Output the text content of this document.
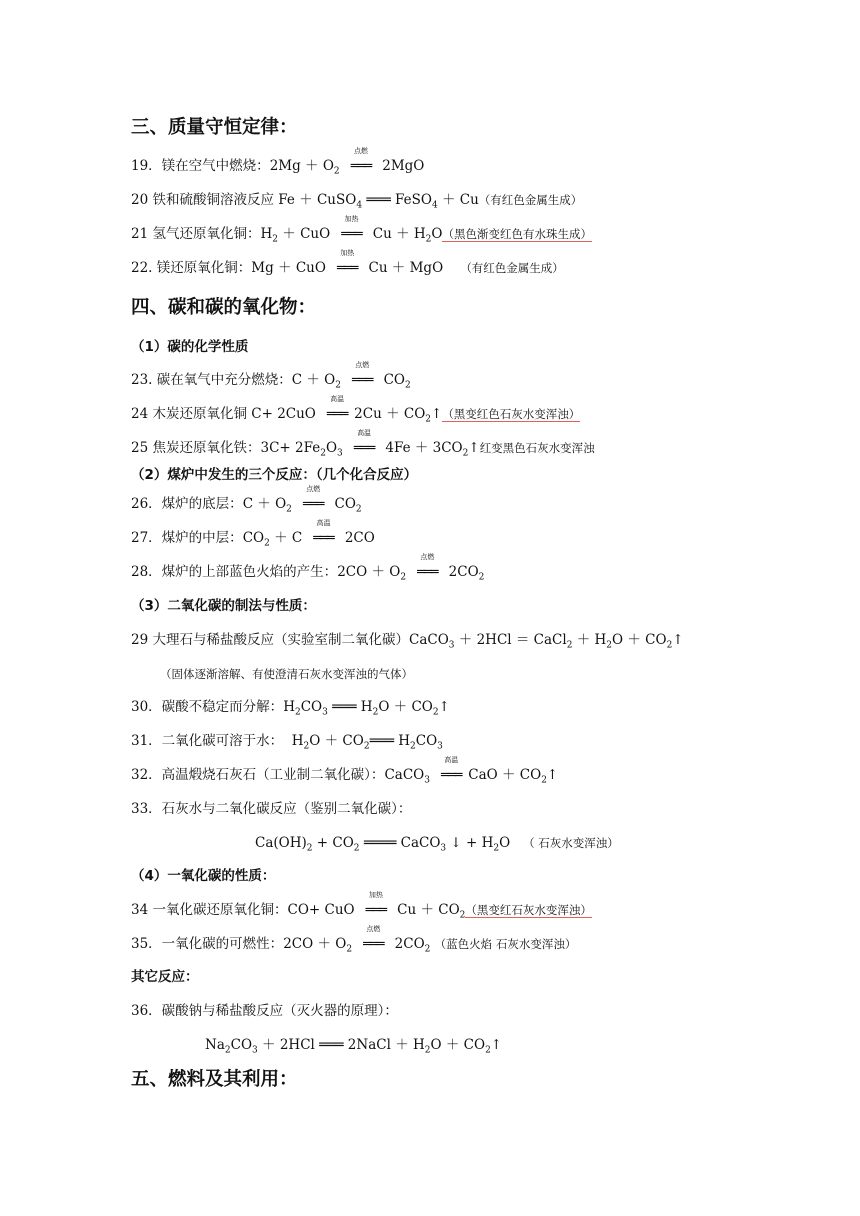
三、质量守恒定律：
19．镁在空气中燃烧：$2Mg + O_2$
点燃
═══ 2MgO
20 铁和硫酸铜溶液反应 Fe ＋ CuSO$_4$ ═══ FeSO$_4$ ＋ Cu（有红色金属生成）
21 氢气还原氧化铜：$H_2$ ＋ CuO
加热
═══ $Cu + H_2O$（黑色渐变红色有水珠生成）
22. 镁还原氧化铜：Mg ＋ CuO
加热
═══ Cu ＋ MgO    （有红色金属生成）
四、碳和碳的氧化物：
（1）碳的化学性质
23. 碳在氧气中充分燃烧：$C + O_2$
点燃
═══ $CO_2$
24 木炭还原氧化铜 C+ 2CuO
高温
═══ $2Cu + CO_2↑$（黑变红色石灰水变浑浊）
25 焦炭还原氧化铁：$3C+ 2Fe_2O_3$
高温
═══ $4Fe + 3CO_2↑$红变黑色石灰水变浑浊
（2）煤炉中发生的三个反应：（几个化合反应）
26．煤炉的底层：$C + O_2$
点燃
═══ $CO_2$
27．煤炉的中层：$CO_2 + C$
高温
═══ 2CO
28．煤炉的上部蓝色火焰的产生：$2CO + O_2$
点燃
═══ $2CO_2$
（3）二氧化碳的制法与性质：
29 大理石与稀盐酸反应（实验室制二氧化碳）CaCO$_3$ ＋ 2HCl ＝ CaCl$_2$ ＋ $H_2O$ ＋ $CO_2↑$
（固体逐渐溶解、有使澄清石灰水变浑浊的气体）
30．碳酸不稳定而分解：$H_2CO_3$ ═══ $H_2O$ ＋ $CO_2↑$
31．二氧化碳可溶于水：  $H_2O$ ＋ $CO_2═══$ $H_2CO_3$
32．高温煅烧石灰石（工业制二氧化碳）：CaCO$_3$
高温
═══ CaO ＋ $CO_2↑$
33．石灰水与二氧化碳反应（鉴别二氧化碳）：
$Ca(OH)_2 + CO_2$ ════ CaCO$_3$ ↓ + $H_2O$   （ 石灰水变浑浊）
（4）一氧化碳的性质：
34 一氧化碳还原氧化铜：CO+ CuO
加热
═══ $Cu + CO_2$（黑变红石灰水变浑浊）
35．一氧化碳的可燃性：$2CO + O_2$
点燃
═══ $2CO_2$ （蓝色火焰 石灰水变浑浊）
其它反应：
36．碳酸钠与稀盐酸反应（灭火器的原理）：
$Na_2CO_3 + 2HCl$ ═══ 2NaCl ＋ $H_2O$ ＋ $CO_2↑$
五、燃料及其利用：
